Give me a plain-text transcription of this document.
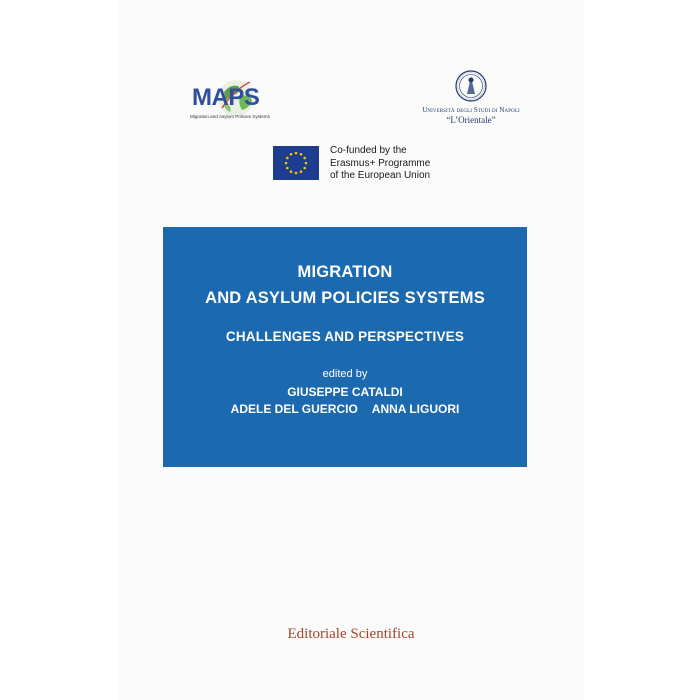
MAPS
Migration and Asylum Policies Systems
Università degli Studi di Napoli
“L’Orientale”
Co-funded by the
Erasmus+ Programme
of the European Union
MIGRATION
AND ASYLUM POLICIES SYSTEMS
CHALLENGES AND PERSPECTIVES
edited by
GIUSEPPE CATALDI
ADELE DEL GUERCIO ANNA LIGUORI
Editoriale Scientifica
